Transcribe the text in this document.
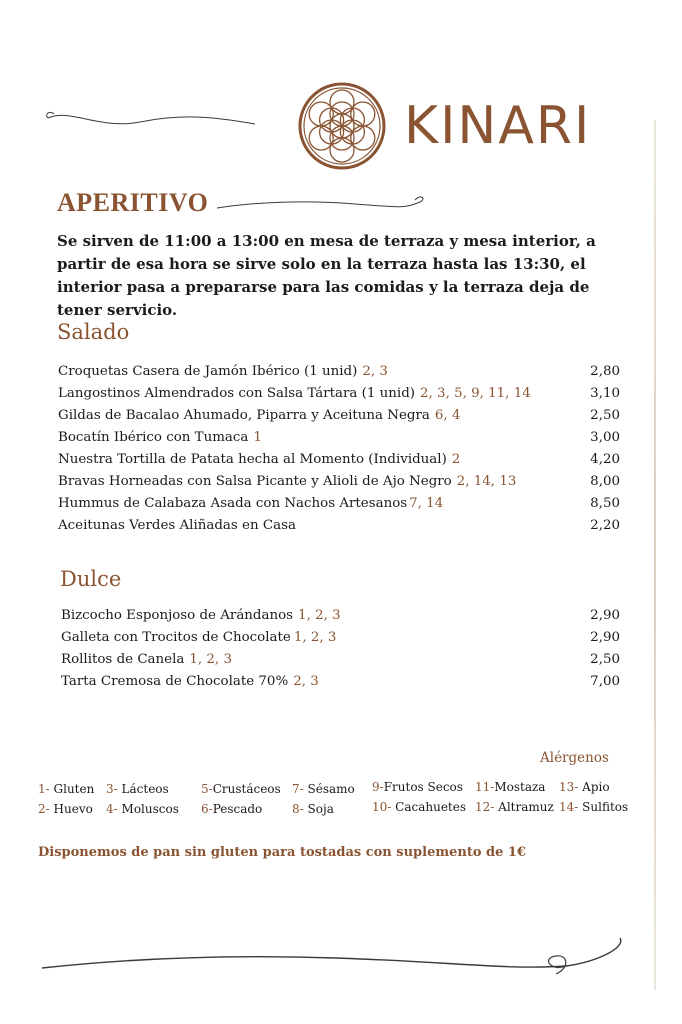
KINARI
APERITIVO

Se sirven de 11:00 a 13:00 en mesa de terraza y mesa interior, a partir de esa hora se sirve solo en la terraza hasta las 13:30, el interior pasa a prepararse para las comidas y la terraza deja de tener servicio.

Salado
Croquetas Casera de Jamón Ibérico (1 unid) 2, 3	2,80
Langostinos Almendrados con Salsa Tártara (1 unid) 2, 3, 5, 9, 11, 14	3,10
Gildas de Bacalao Ahumado, Piparra y Aceituna Negra 6, 4	2,50
Bocatín Ibérico con Tumaca 1	3,00
Nuestra Tortilla de Patata hecha al Momento (Individual) 2	4,20
Bravas Horneadas con Salsa Picante y Alioli de Ajo Negro 2, 14, 13	8,00
Hummus de Calabaza Asada con Nachos Artesanos 7, 14	8,50
Aceitunas Verdes Aliñadas en Casa	2,20
Dulce
Bizcocho Esponjoso de Arándanos 1, 2, 3	2,90
Galleta con Trocitos de Chocolate 1, 2, 3	2,90
Rollitos de Canela 1, 2, 3	2,50
Tarta Cremosa de Chocolate 70% 2, 3	7,00
Alérgenos
1- Gluten
2- Huevo
3- Lácteos
4- Moluscos
5-Crustáceos
6-Pescado
7- Sésamo
8- Soja
9-Frutos Secos
10- Cacahuetes
11-Mostaza
12- Altramuz
13- Apio
14- Sulfitos
Disponemos de pan sin gluten para tostadas con suplemento de 1€
